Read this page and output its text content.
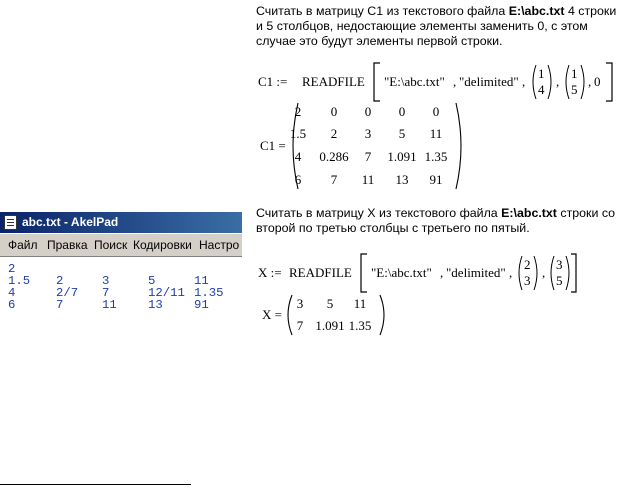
Считать в матрицу С1 из текстового файла E:\abc.txt 4 строки
и 5 столбцов, недостающие элементы заменить 0, с этом
случае это будут элементы первой строки.
C1 := READFILE "E:\abc.txt" , "delimited" ,
1
4
,
1
5
, 0
C1 =
2	0	0	0	0
1.5	2	3	5	11
4	0.286	7	1.091 1.35
6	7	11	13	91
Считать в матрицу X из текстового файла E:\abc.txt строки со
второй по третью столбцы с третьего по пятый.
X := READFILE "E:\abc.txt" , "delimited" ,
2
3
,
3
5
X =
3	5	11
7 1.091 1.35
abc.txt - AkelPad
Файл Правка Поиск Кодировки Настро
2
1.5 2	3	5	11
4	2/7 7	12/11 1.35
6	7	11	13	91
